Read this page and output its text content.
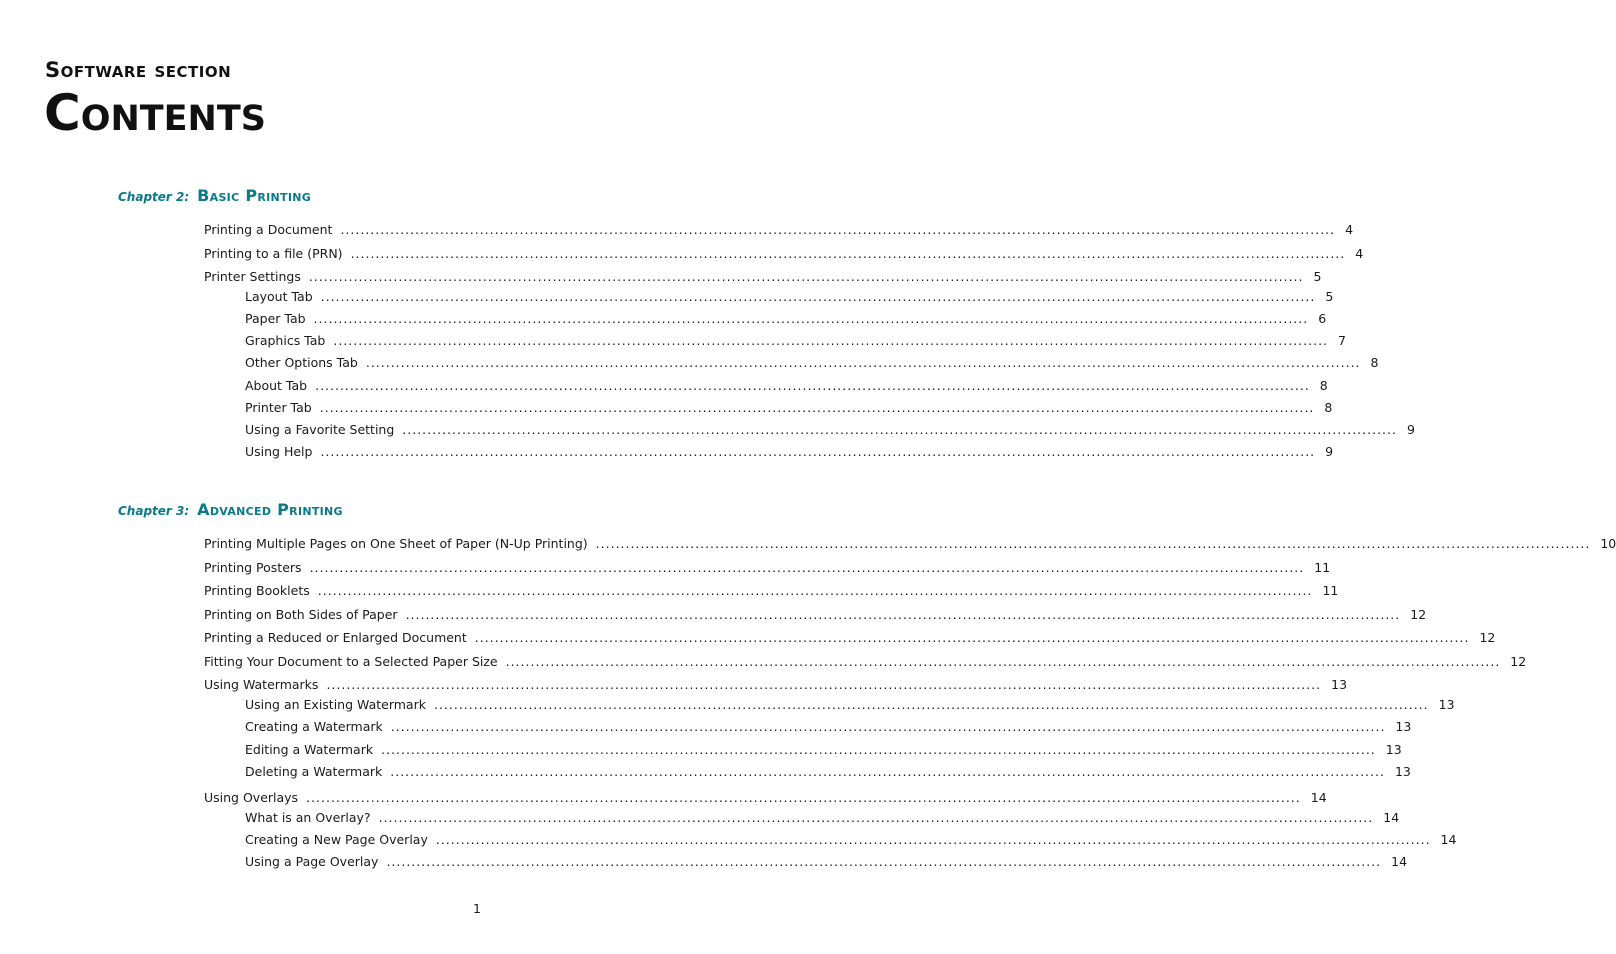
Software section
Contents
Chapter 2: Basic Printing
Printing a Document ........................................................................................................................................................................................................ 4
Printing to a file (PRN) ........................................................................................................................................................................................................ 4
Printer Settings ........................................................................................................................................................................................................ 5
Layout Tab ........................................................................................................................................................................................................ 5
Paper Tab ........................................................................................................................................................................................................ 6
Graphics Tab ........................................................................................................................................................................................................ 7
Other Options Tab ........................................................................................................................................................................................................ 8
About Tab ........................................................................................................................................................................................................ 8
Printer Tab ........................................................................................................................................................................................................ 8
Using a Favorite Setting ........................................................................................................................................................................................................ 9
Using Help ........................................................................................................................................................................................................ 9
Chapter 3: Advanced Printing
Printing Multiple Pages on One Sheet of Paper (N-Up Printing) ........................................................................................................................................................................................................ 10
Printing Posters ........................................................................................................................................................................................................ 11
Printing Booklets ........................................................................................................................................................................................................ 11
Printing on Both Sides of Paper ........................................................................................................................................................................................................ 12
Printing a Reduced or Enlarged Document ........................................................................................................................................................................................................ 12
Fitting Your Document to a Selected Paper Size ........................................................................................................................................................................................................ 12
Using Watermarks ........................................................................................................................................................................................................ 13
Using an Existing Watermark ........................................................................................................................................................................................................ 13
Creating a Watermark ........................................................................................................................................................................................................ 13
Editing a Watermark ........................................................................................................................................................................................................ 13
Deleting a Watermark ........................................................................................................................................................................................................ 13
Using Overlays ........................................................................................................................................................................................................ 14
What is an Overlay? ........................................................................................................................................................................................................ 14
Creating a New Page Overlay ........................................................................................................................................................................................................ 14
Using a Page Overlay ........................................................................................................................................................................................................ 14
1
